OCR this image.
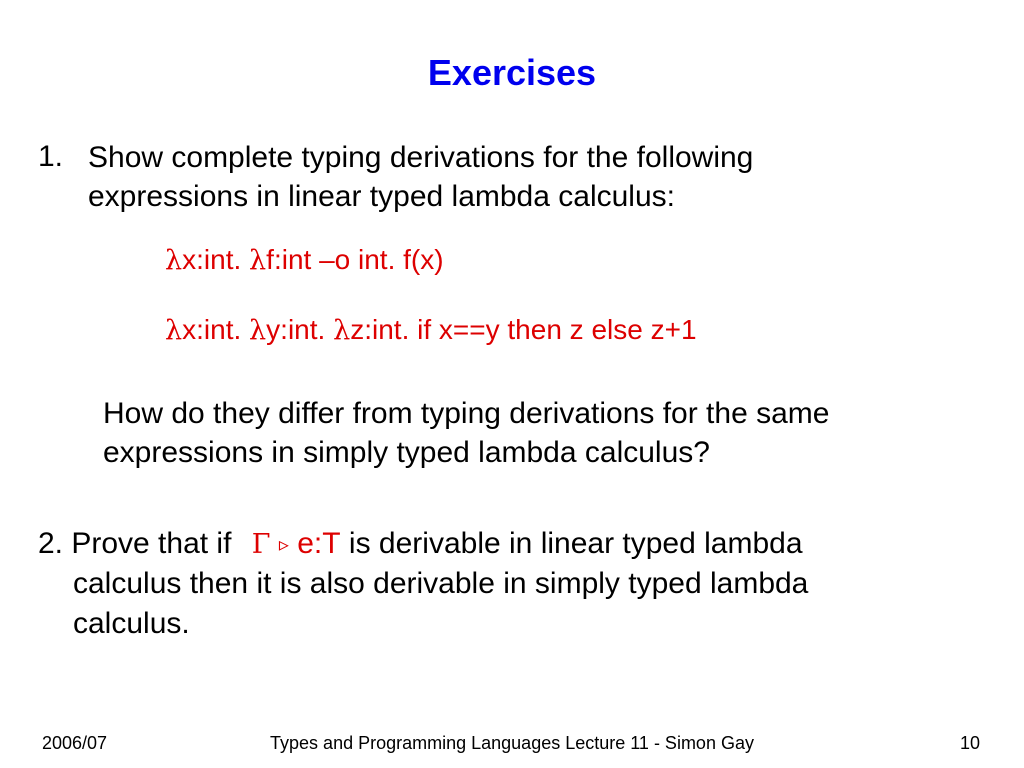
Exercises
1. Show complete typing derivations for the following
expressions in linear typed lambda calculus:
λx:int. λf:int –o int. f(x)
λx:int. λy:int. λz:int. if x==y then z else z+1
How do they differ from typing derivations for the same
expressions in simply typed lambda calculus?
2. Prove that if Γ ▹ e:T is derivable in linear typed lambda
calculus then it is also derivable in simply typed lambda
calculus.
2006/07	Types and Programming Languages Lecture 11 - Simon Gay	10
